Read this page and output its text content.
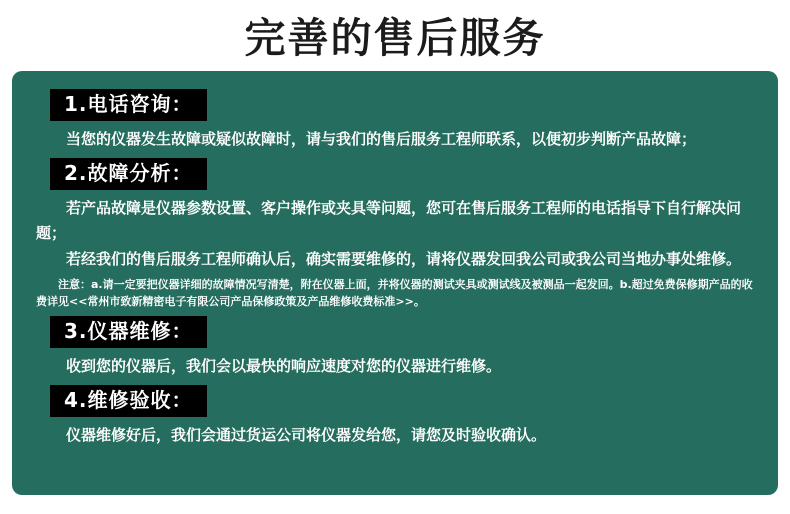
完善的售后服务
1.电话咨询：
当您的仪器发生故障或疑似故障时，请与我们的售后服务工程师联系，以便初步判断产品故障；
2.故障分析：
若产品故障是仪器参数设置、客户操作或夹具等问题，您可在售后服务工程师的电话指导下自行解决问题；
若经我们的售后服务工程师确认后，确实需要维修的，请将仪器发回我公司或我公司当地办事处维修。
注意：a.请一定要把仪器详细的故障情况写清楚，附在仪器上面，并将仪器的测试夹具或测试线及被测品一起发回。b.超过免费保修期产品的收费详见<<常州市致新精密电子有限公司产品保修政策及产品维修收费标准>>。
3.仪器维修：
收到您的仪器后，我们会以最快的响应速度对您的仪器进行维修。
4.维修验收：
仪器维修好后，我们会通过货运公司将仪器发给您，请您及时验收确认。
